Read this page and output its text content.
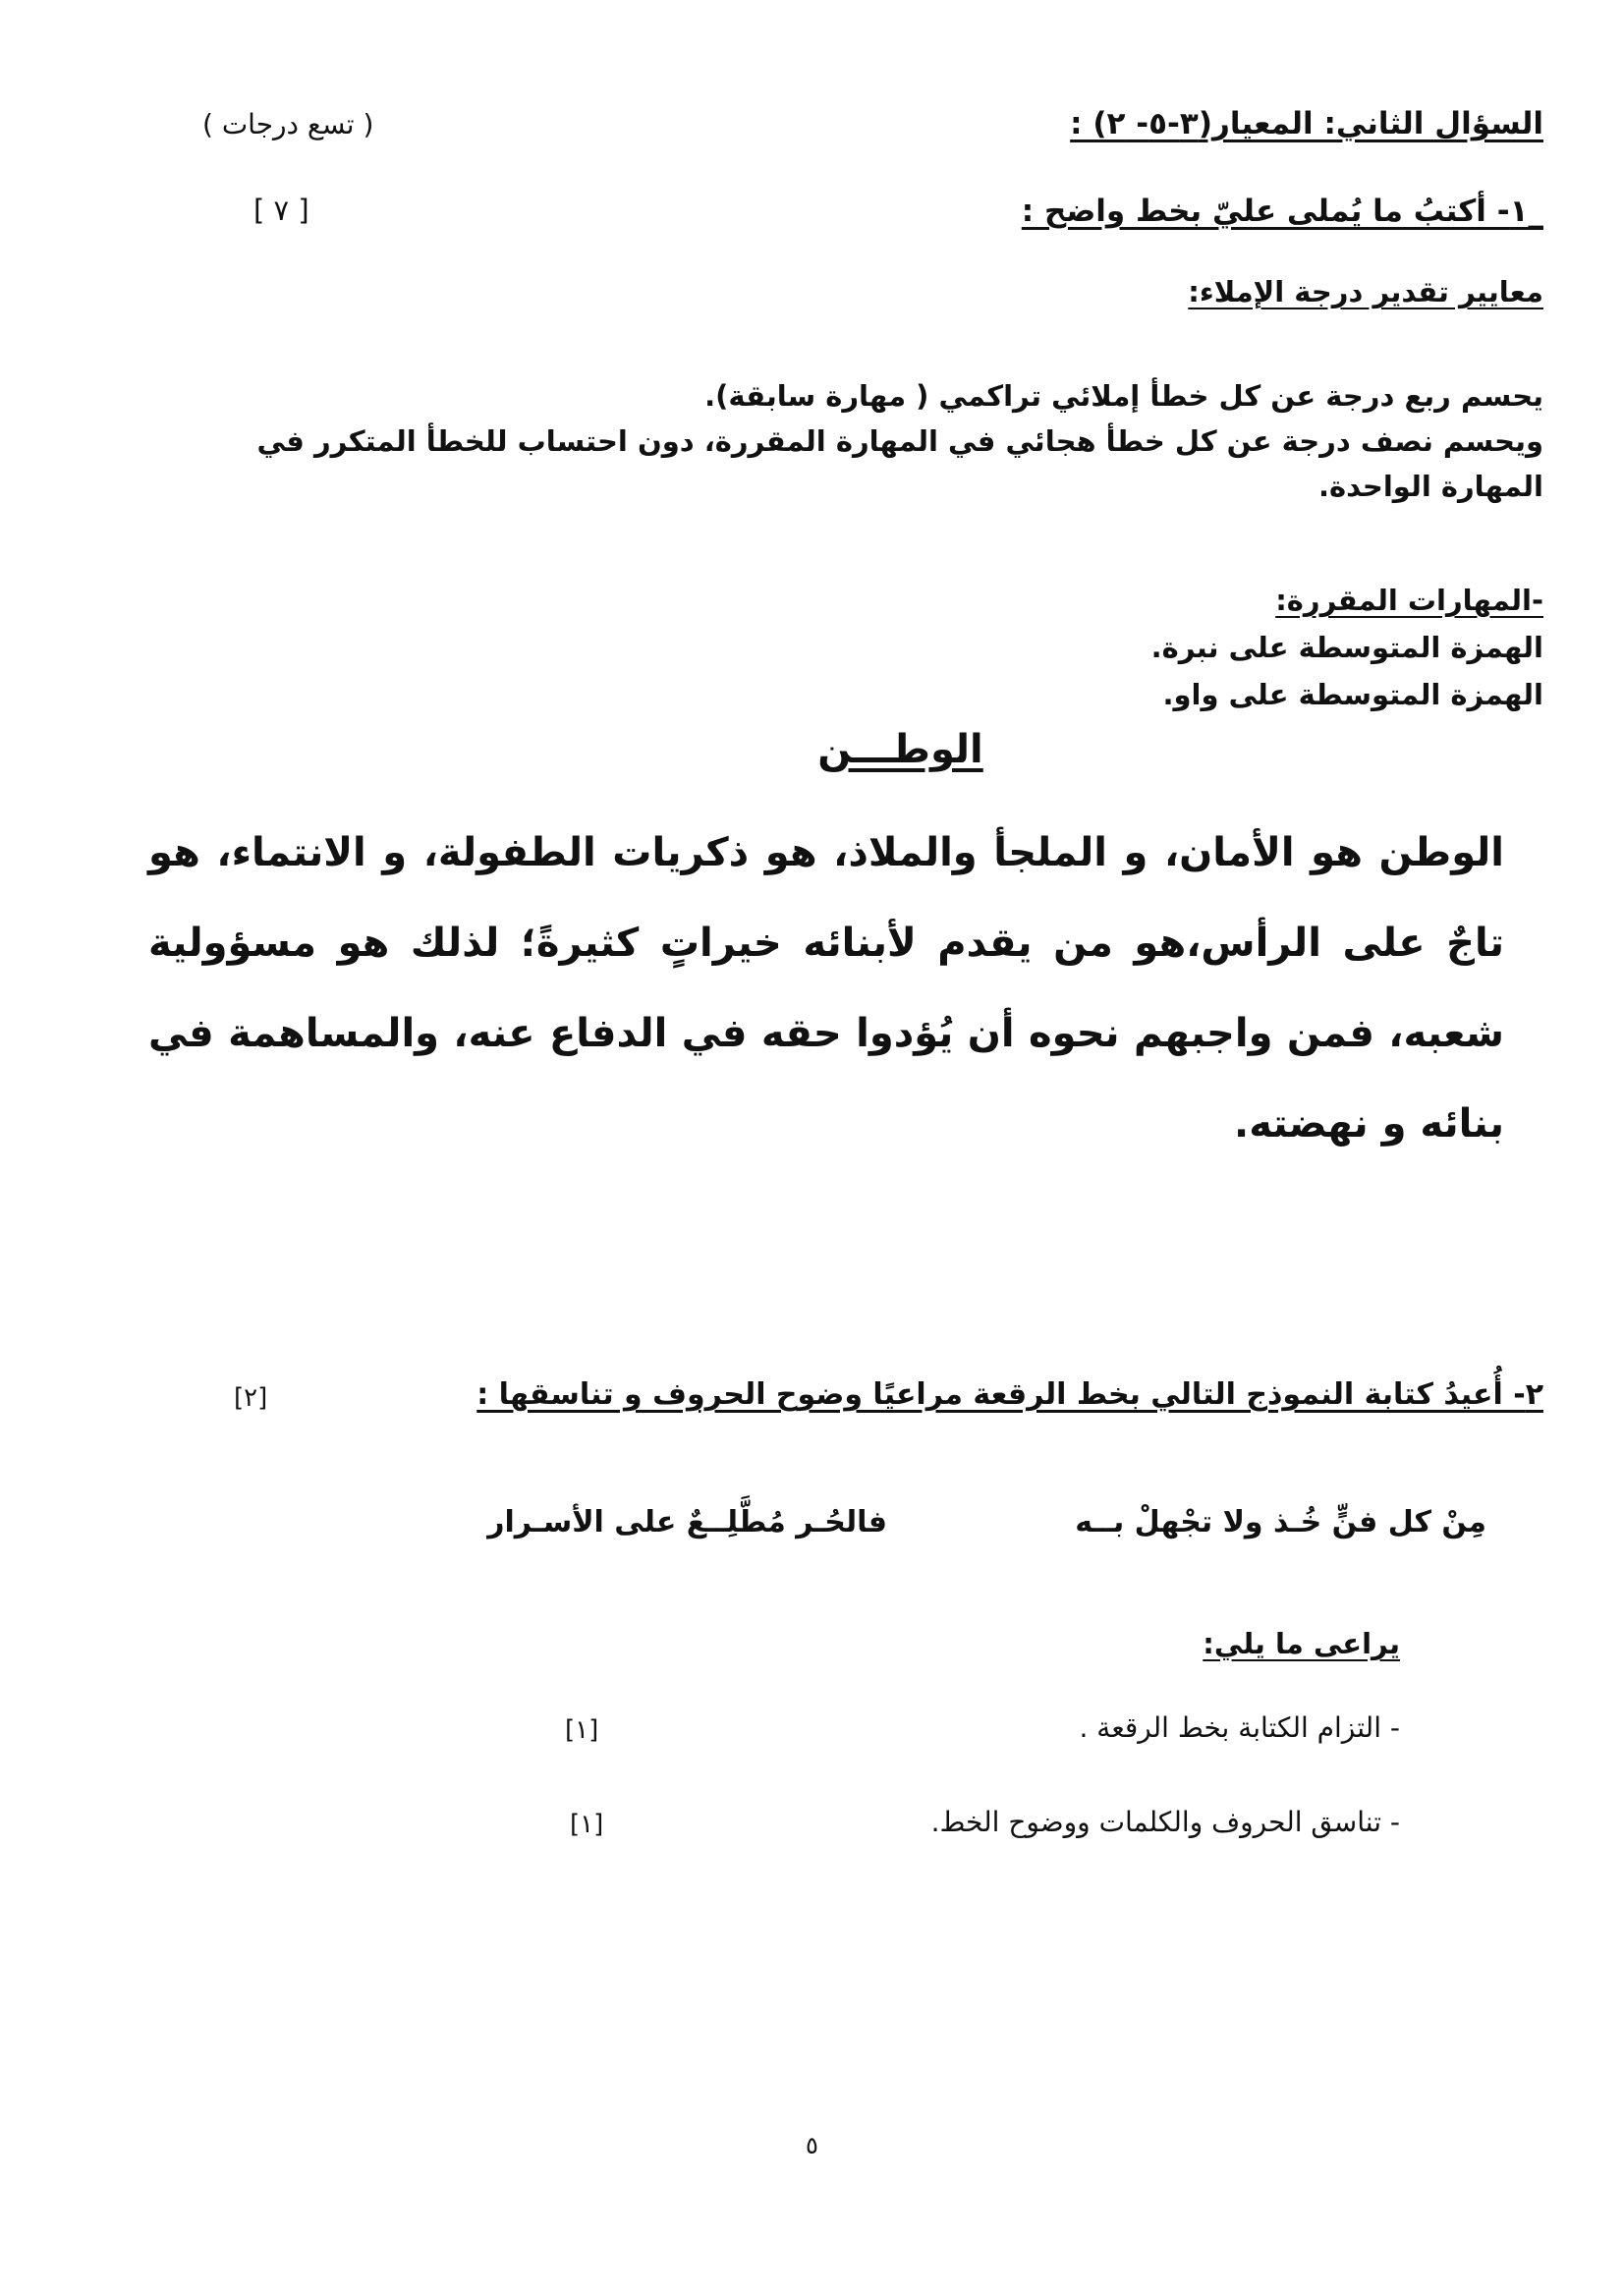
السؤال الثاني: المعيار(٣-٥- ٢) :
( تسع درجات )
_١- أكتبُ ما يُملى عليّ بخط واضح :
[ ٧ ]
معايير تقدير درجة الإملاء:
يحسم ربع درجة عن كل خطأ إملائي تراكمي ( مهارة سابقة).
ويحسم نصف درجة عن كل خطأ هجائي في المهارة المقررة، دون احتساب للخطأ المتكرر في المهارة الواحدة.
-المهارات المقررة:
الهمزة المتوسطة على نبرة.
الهمزة المتوسطة على واو.
الوطـــن
الوطن هو الأمان، و الملجأ والملاذ، هو ذكريات الطفولة، و الانتماء، هو تاجٌ على الرأس،هو من يقدم لأبنائه خيراتٍ كثيرةً؛ لذلك هو مسؤولية شعبه، فمن واجبهم نحوه أن يُؤدوا حقه في الدفاع عنه، والمساهمة في بنائه و نهضته.
٢- أُعيدُ كتابة النموذج التالي بخط الرقعة مراعيًا وضوح الحروف و تناسقها :
[٢]
مِنْ كل فنٍّ خُـذ ولا تجْهلْ بــه
فالحُـر مُطَّلِــعٌ على الأسـرار
يراعى ما يلي:
- التزام الكتابة بخط الرقعة .
[١]
- تناسق الحروف والكلمات ووضوح الخط.
[١]
٥
